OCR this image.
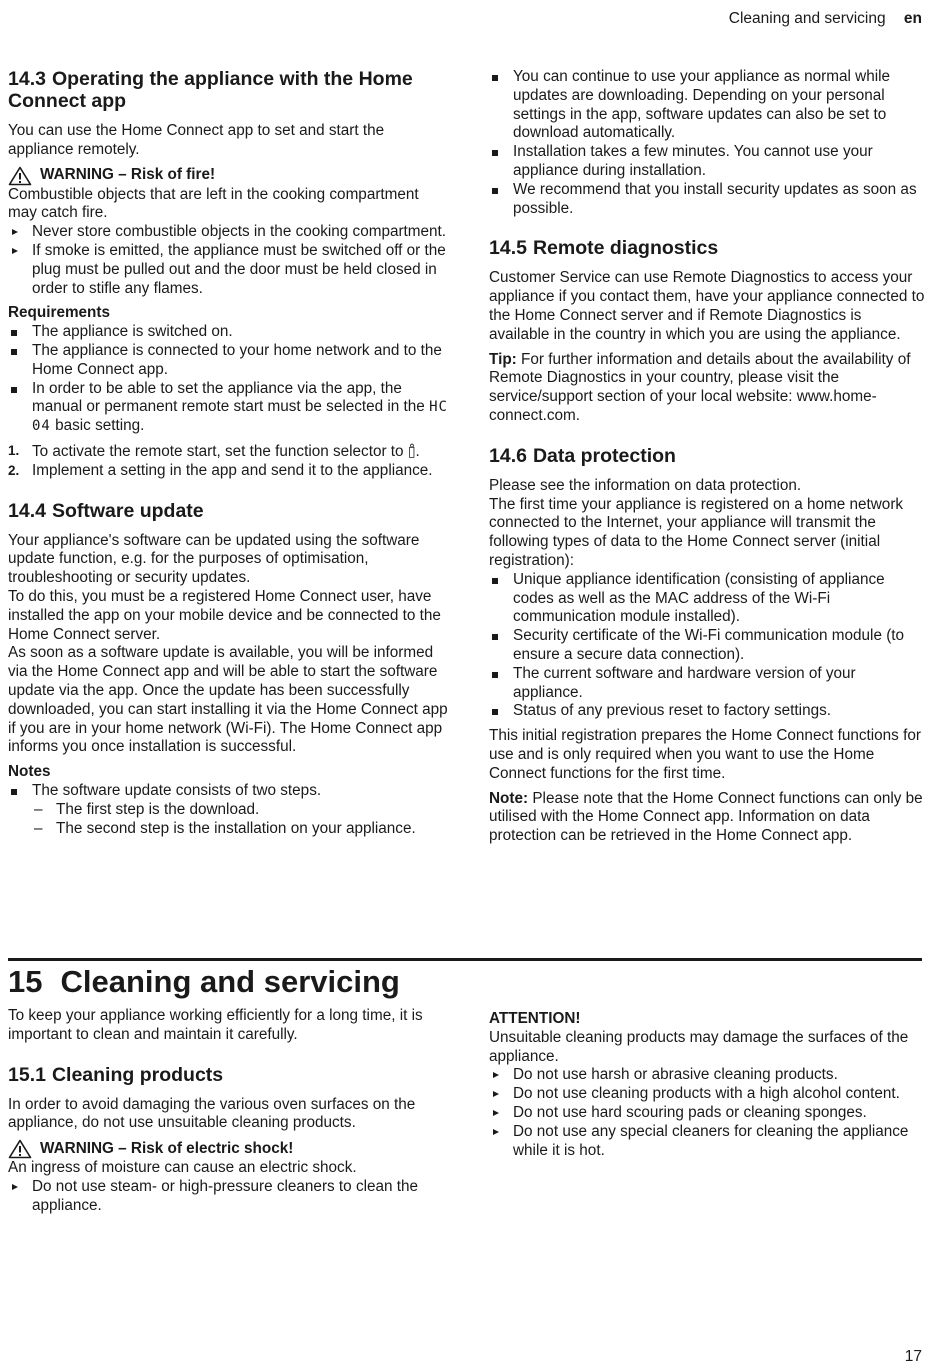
Cleaning and servicing en
14.3 Operating the appliance with the Home Connect app

You can use the Home Connect app to set and start the appliance remotely.

WARNING – Risk of fire!

Combustible objects that are left in the cooking compartment may catch fire.

Never store combustible objects in the cooking compartment.
If smoke is emitted, the appliance must be switched off or the plug must be pulled out and the door must be held closed in order to stifle any flames.

Requirements

The appliance is switched on.
The appliance is connected to your home network and to the Home Connect app.
In order to be able to set the appliance via the app, the manual or permanent remote start must be selected in the HC 04 basic setting.
1. To activate the remote start, set the function selector to ▯̊.
2. Implement a setting in the app and send it to the appliance.
14.4 Software update

Your appliance's software can be updated using the software update function, e.g. for the purposes of optimisation, troubleshooting or security updates.

To do this, you must be a registered Home Connect user, have installed the app on your mobile device and be connected to the Home Connect server.

As soon as a software update is available, you will be informed via the Home Connect app and will be able to start the software update via the app. Once the update has been successfully downloaded, you can start installing it via the Home Connect app if you are in your home network (Wi-Fi). The Home Connect app informs you once installation is successful.

Notes

The software update consists of two steps.
– The first step is the download.
– The second step is the installation on your appliance.
You can continue to use your appliance as normal while updates are downloading. Depending on your personal settings in the app, software updates can also be set to download automatically.
Installation takes a few minutes. You cannot use your appliance during installation.
We recommend that you install security updates as soon as possible.
14.5 Remote diagnostics

Customer Service can use Remote Diagnostics to access your appliance if you contact them, have your appliance connected to the Home Connect server and if Remote Diagnostics is available in the country in which you are using the appliance.

Tip: For further information and details about the availability of Remote Diagnostics in your country, please visit the service/support section of your local website: www.home-connect.com.

14.6 Data protection

Please see the information on data protection.

The first time your appliance is registered on a home network connected to the Internet, your appliance will transmit the following types of data to the Home Connect server (initial registration):

Unique appliance identification (consisting of appliance codes as well as the MAC address of the Wi-Fi communication module installed).
Security certificate of the Wi-Fi communication module (to ensure a secure data connection).
The current software and hardware version of your appliance.
Status of any previous reset to factory settings.

This initial registration prepares the Home Connect functions for use and is only required when you want to use the Home Connect functions for the first time.

Note: Please note that the Home Connect functions can only be utilised with the Home Connect app. Information on data protection can be retrieved in the Home Connect app.

15 Cleaning and servicing

To keep your appliance working efficiently for a long time, it is important to clean and maintain it carefully.

15.1 Cleaning products

In order to avoid damaging the various oven surfaces on the appliance, do not use unsuitable cleaning products.

WARNING – Risk of electric shock!

An ingress of moisture can cause an electric shock.

Do not use steam- or high-pressure cleaners to clean the appliance.

ATTENTION!

Unsuitable cleaning products may damage the surfaces of the appliance.

Do not use harsh or abrasive cleaning products.
Do not use cleaning products with a high alcohol content.
Do not use hard scouring pads or cleaning sponges.
Do not use any special cleaners for cleaning the appliance while it is hot.
17
